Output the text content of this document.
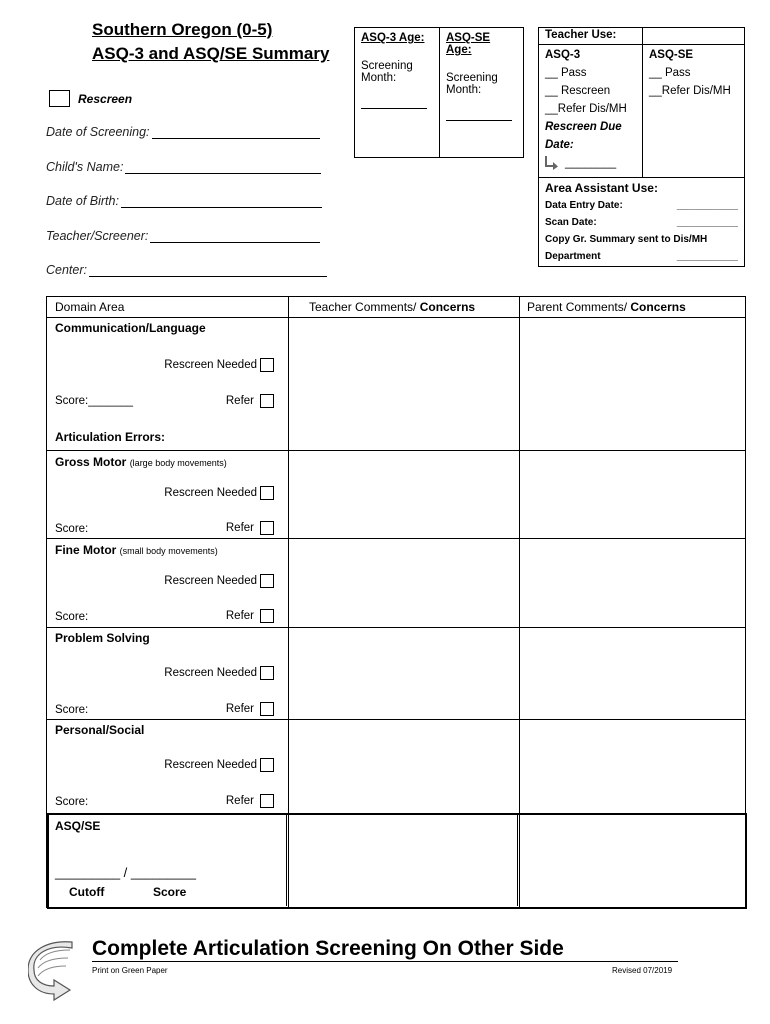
Southern Oregon (0-5)
ASQ-3 and ASQ/SE Summary
Rescreen
Date of Screening:
Child's Name:
Date of Birth:
Teacher/Screener:
Center:
ASQ-3 Age:
Screening
Month:
ASQ-SE Age:
Screening
Month:
Teacher Use:
ASQ-3
__ Pass
__ Rescreen
__Refer Dis/MH
Rescreen Due
Date:
________
ASQ-SE
__ Pass
__Refer Dis/MH
Area Assistant Use:
Data Entry Date:	___________
Scan Date:	___________
Copy Gr. Summary sent to Dis/MH
Department	___________
Domain Area	Teacher Comments/ Concerns	Parent Comments/ Concerns
Communication/Language
Rescreen Needed
Score:_______	Refer
Articulation Errors:
Gross Motor (large body movements)
Rescreen Needed
Score:	Refer
Fine Motor (small body movements)
Rescreen Needed
Score:	Refer
Problem Solving
Rescreen Needed
Score:	Refer
Personal/Social
Rescreen Needed
Score:	Refer
ASQ/SE
_________ / _________
Cutoff	Score
Complete Articulation Screening On Other Side
Print on Green Paper	Revised 07/2019
